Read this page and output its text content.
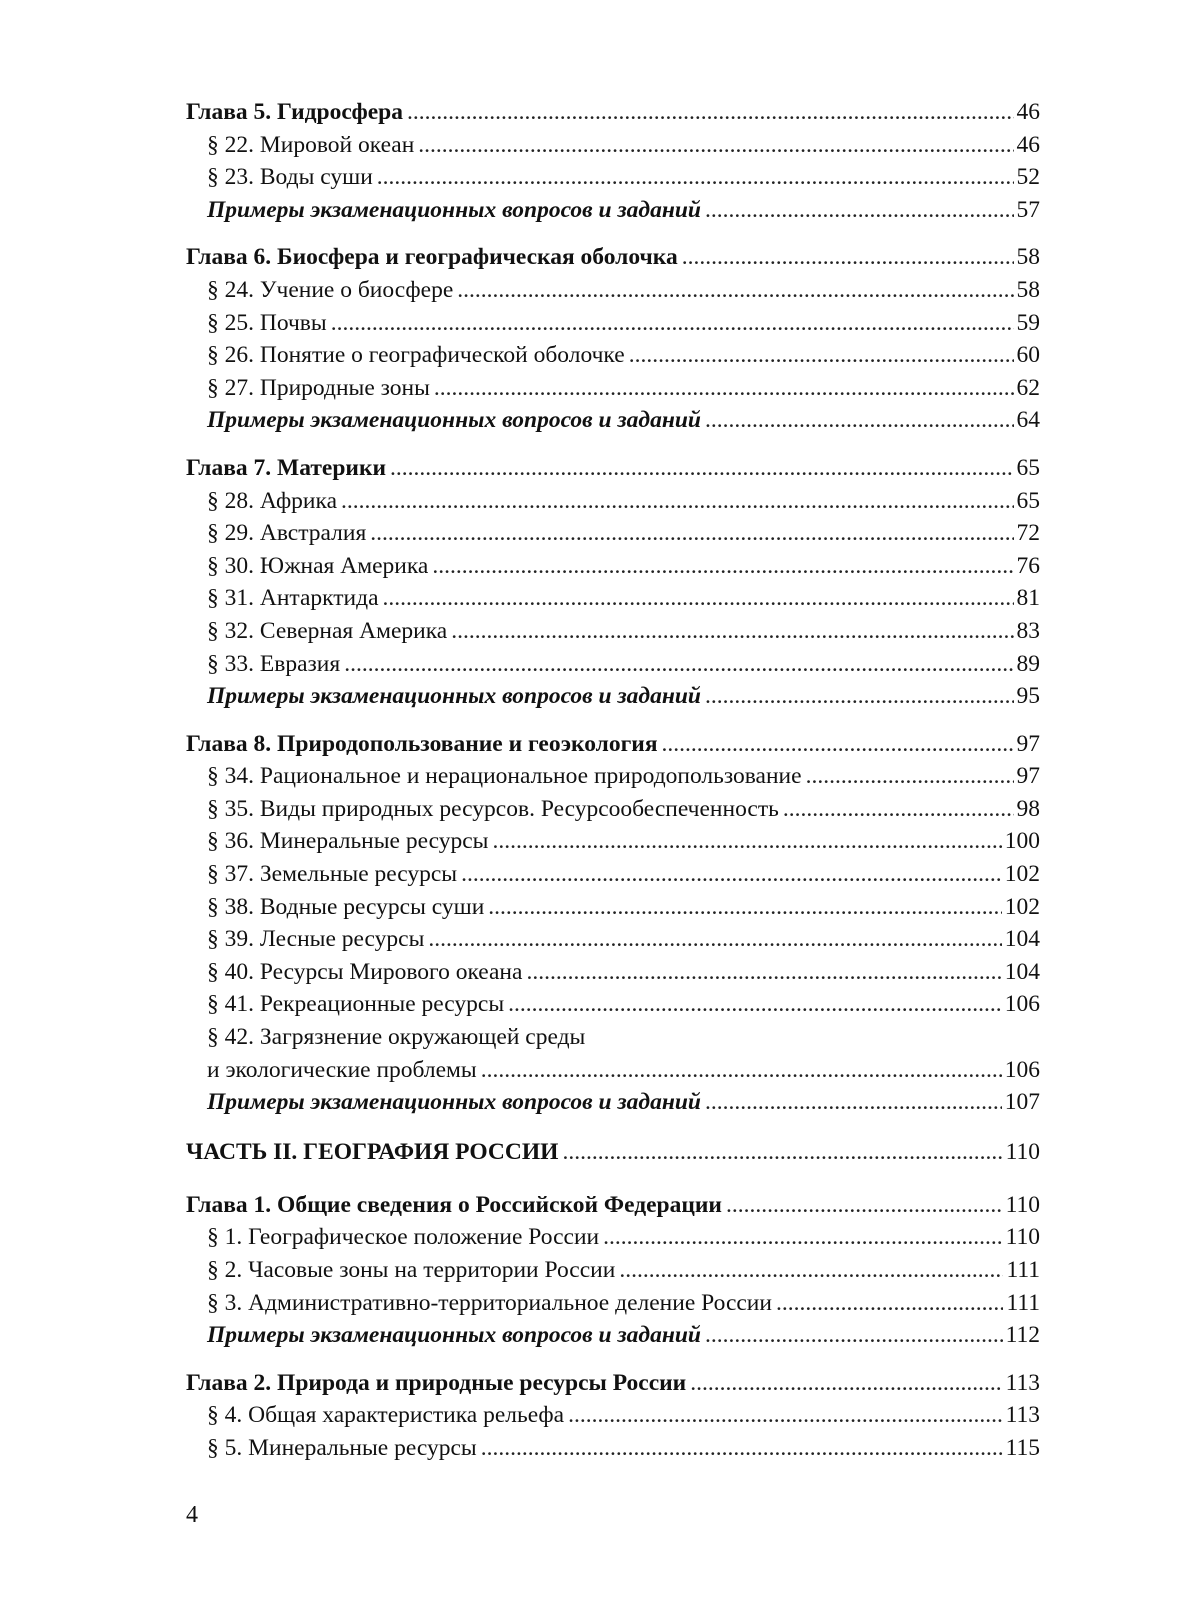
Глава 5. Гидросфера .....	46
§ 22. Мировой океан .....	46
§ 23. Воды суши .....	52
Примеры экзаменационных вопросов и заданий .....	57
Глава 6. Биосфера и географическая оболочка .....	58
§ 24. Учение о биосфере .....	58
§ 25. Почвы .....	59
§ 26. Понятие о географической оболочке .....	60
§ 27. Природные зоны .....	62
Примеры экзаменационных вопросов и заданий .....	64
Глава 7. Материки .....	65
§ 28. Африка .....	65
§ 29. Австралия .....	72
§ 30. Южная Америка .....	76
§ 31. Антарктида .....	81
§ 32. Северная Америка .....	83
§ 33. Евразия .....	89
Примеры экзаменационных вопросов и заданий .....	95
Глава 8. Природопользование и геоэкология .....	97
§ 34. Рациональное и нерациональное природопользование .....	97
§ 35. Виды природных ресурсов. Ресурсообеспеченность .....	98
§ 36. Минеральные ресурсы .....	100
§ 37. Земельные ресурсы .....	102
§ 38. Водные ресурсы суши .....	102
§ 39. Лесные ресурсы .....	104
§ 40. Ресурсы Мирового океана .....	104
§ 41. Рекреационные ресурсы .....	106
§ 42. Загрязнение окружающей среды
и экологические проблемы .....	106
Примеры экзаменационных вопросов и заданий .....	107
ЧАСТЬ II. ГЕОГРАФИЯ РОССИИ .....	110
Глава 1. Общие сведения о Российской Федерации .....	110
§ 1. Географическое положение России .....	110
§ 2. Часовые зоны на территории России .....	111
§ 3. Административно-территориальное деление России .....	111
Примеры экзаменационных вопросов и заданий .....	112
Глава 2. Природа и природные ресурсы России .....	113
§ 4. Общая характеристика рельефа .....	113
§ 5. Минеральные ресурсы .....	115
4
